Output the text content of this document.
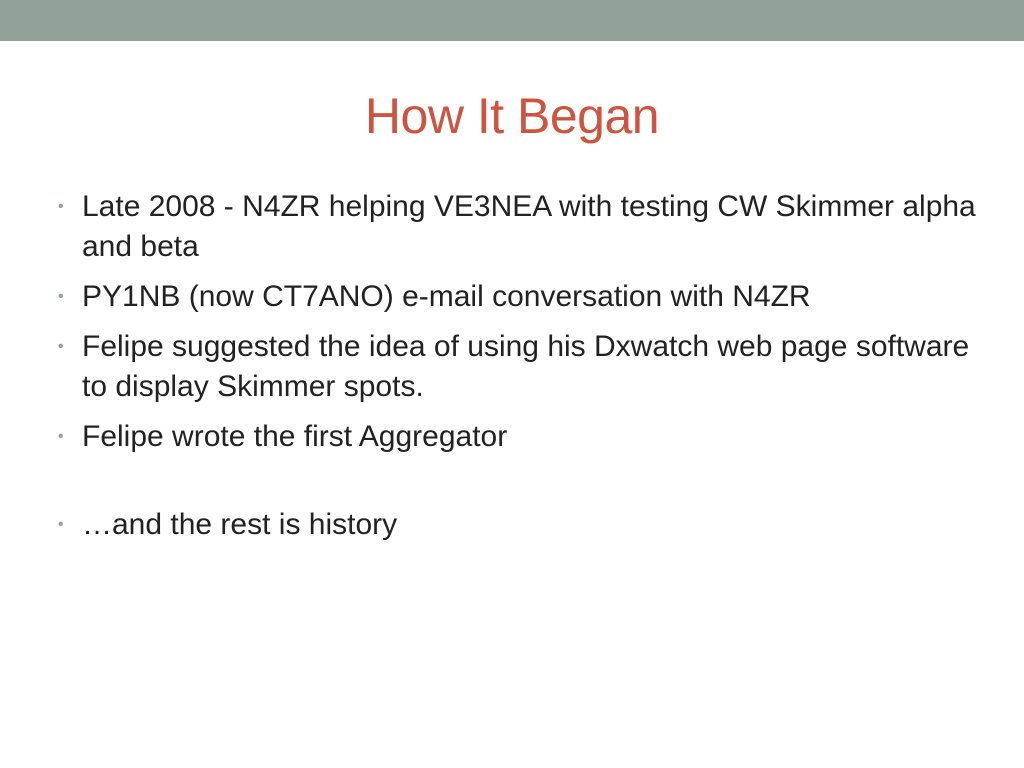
How It Began
• Late 2008 - N4ZR helping VE3NEA with testing CW Skimmer alpha and beta
• PY1NB (now CT7ANO) e-mail conversation with N4ZR
• Felipe suggested the idea of using his Dxwatch web page software to display Skimmer spots.
• Felipe wrote the first Aggregator
• …and the rest is history
